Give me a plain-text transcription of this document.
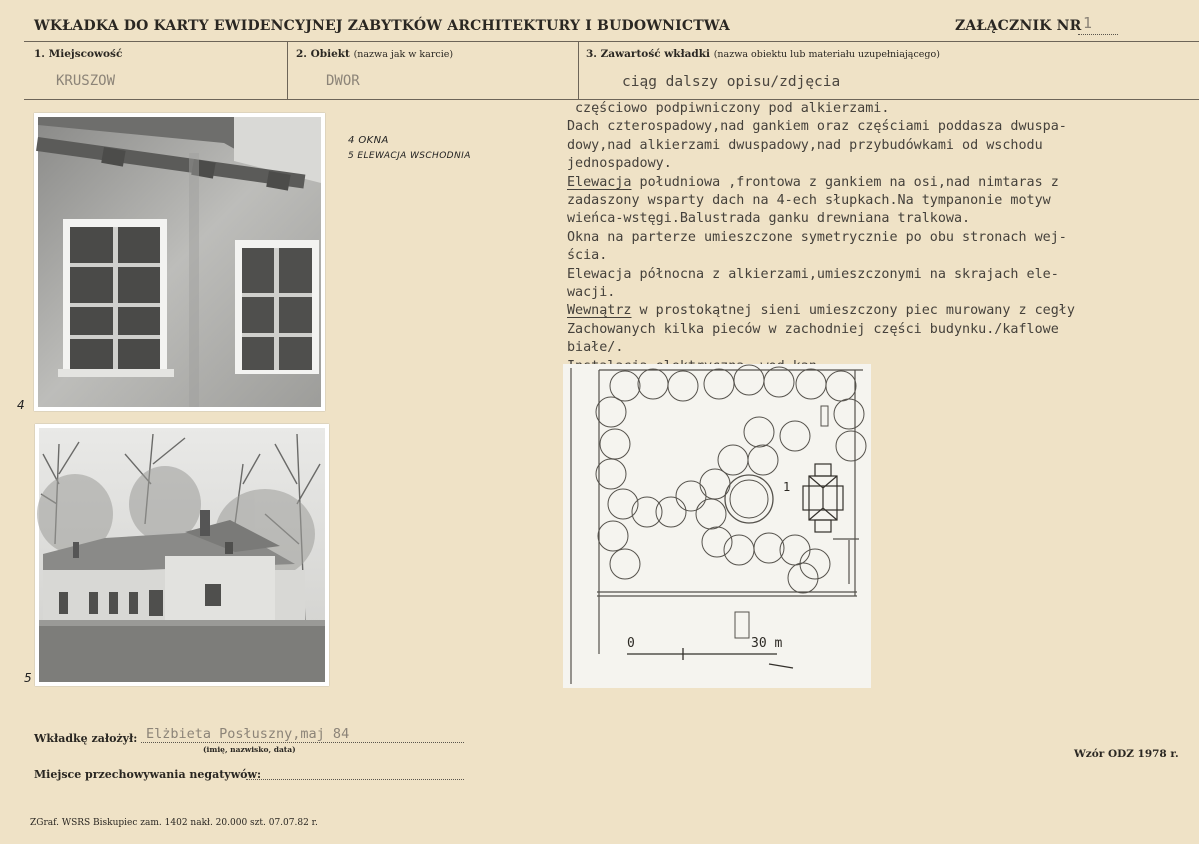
WKŁADKA DO KARTY EWIDENCYJNEJ ZABYTKÓW ARCHITEKTURY I BUDOWNICTWA	ZAŁĄCZNIK NR 1
1. Miejscowość
KRUSZOW
2. Obiekt (nazwa jak w karcie)
DWOR
3. Zawartość wkładki (nazwa obiektu lub materiału uzupełniającego)
ciąg dalszy opisu/zdjęcia
4
5
4 OKNA
5 ELEWACJA WSCHODNIA
częściowo podpiwniczony pod alkierzami.
Dach czterospadowy,nad gankiem oraz częściami poddasza dwuspa-
dowy,nad alkierzami dwuspadowy,nad przybudówkami od wschodu
jednospadowy.
Elewacja południowa ,frontowa z gankiem na osi,nad nimtaras z
zadaszony wsparty dach na 4-ech słupkach.Na tympanonie motyw
wieńca-wstęgi.Balustrada ganku drewniana tralkowa.
Okna na parterze umieszczone symetrycznie po obu stronach wej-
ścia.
Elewacja północna z alkierzami,umieszczonymi na skrajach ele-
wacji.
Wewnątrz w prostokątnej sieni umieszczony piec murowany z cegły
Zachowanych kilka pieców w zachodniej części budynku./kaflowe
białe/.
1
0	30 m
Wkładkę założył: Elżbieta Posłuszny,maj 84
(imię, nazwisko, data)
Miejsce przechowywania negatywów:
Wzór ODZ 1978 r.
ZGraf. WSRS Biskupiec zam. 1402 nakł. 20.000 szt. 07.07.82 r.
